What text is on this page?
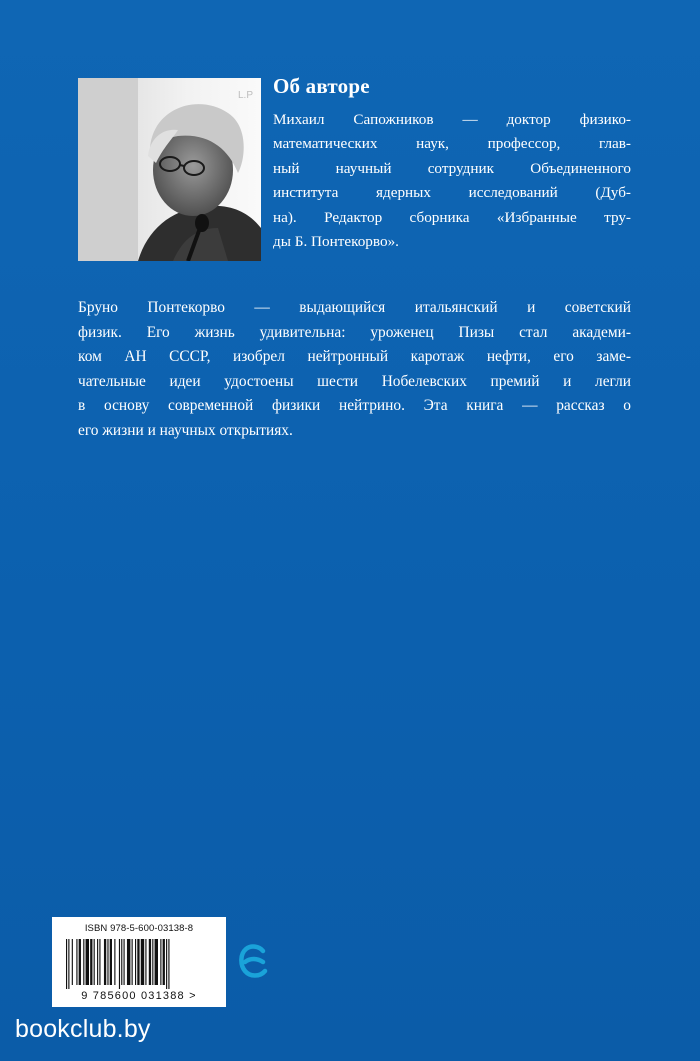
L.P Об авторе
Михаил Сапожников — доктор физико-
математических наук, профессор, глав-
ный научный сотрудник Объединенного
института ядерных исследований (Дуб-
на). Редактор сборника «Избранные тру-
ды Б. Понтекорво».
Бруно Понтекорво — выдающийся итальянский и советский
физик. Его жизнь удивительна: уроженец Пизы стал академи-
ком АН СССР, изобрел нейтронный каротаж нефти, его заме-
чательные идеи удостоены шести Нобелевских премий и легли
в основу современной физики нейтрино. Эта книга — рассказ о
его жизни и научных открытиях.
ISBN 978-5-600-03138-8
9 785600 031388 >
bookclub.by
